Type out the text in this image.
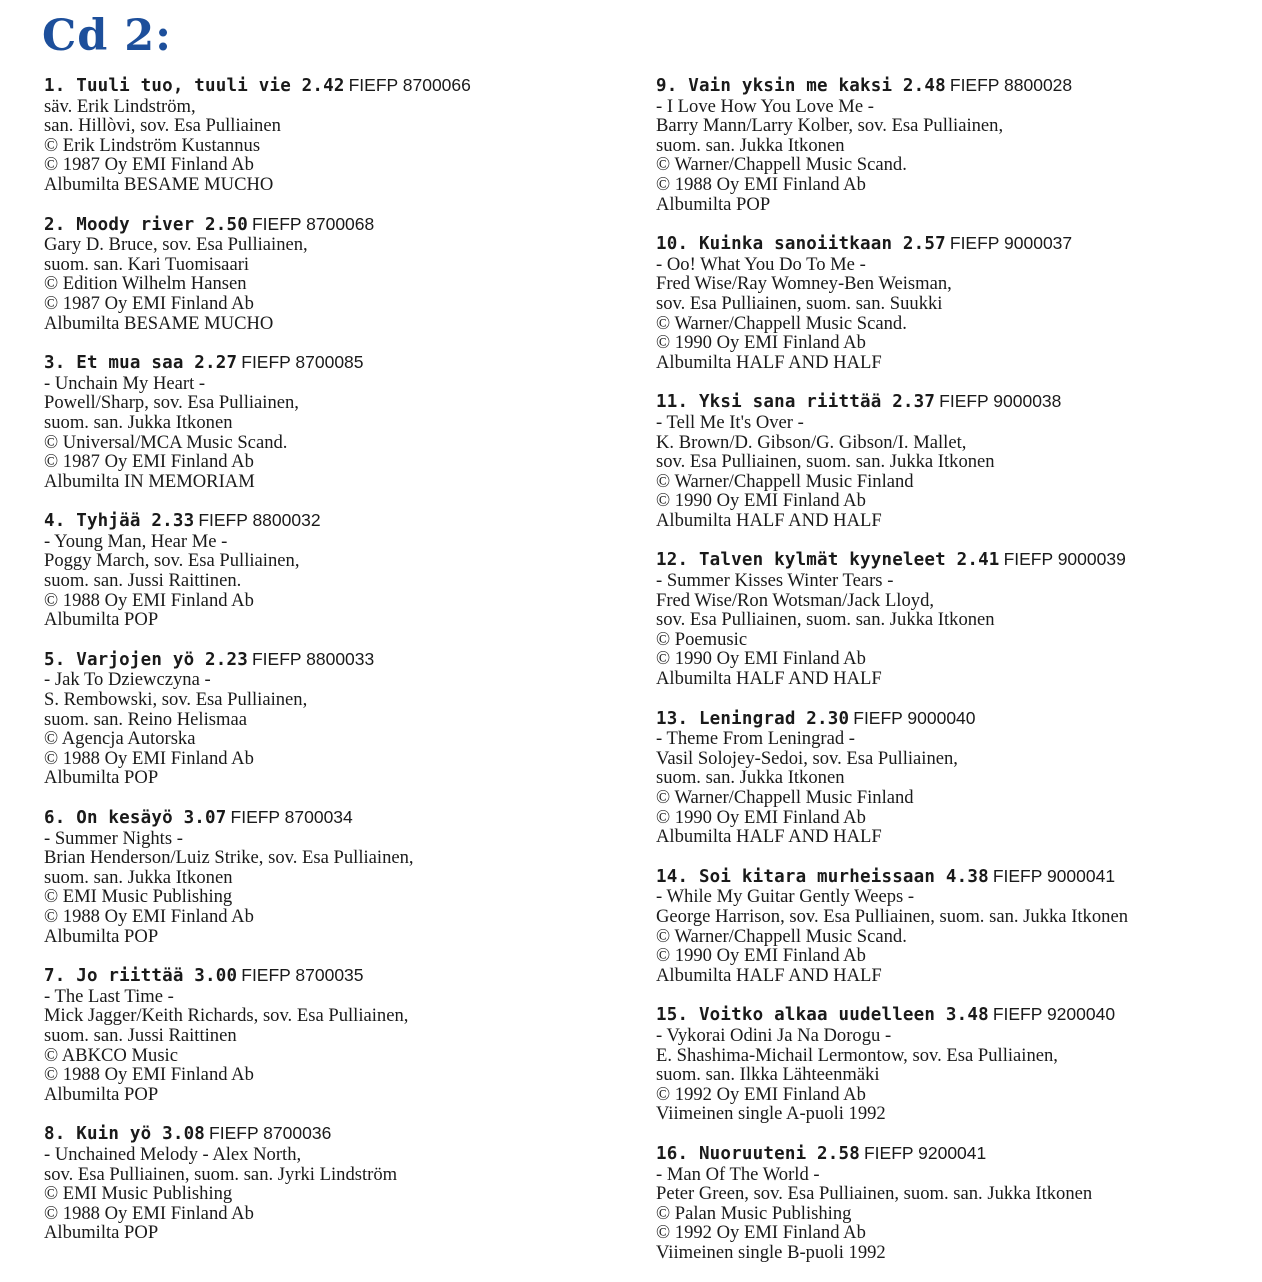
Cd 2:
1. Tuuli tuo, tuuli vie 2.42 FIEFP 8700066
säv. Erik Lindström,
san. Hillòvi, sov. Esa Pulliainen
© Erik Lindström Kustannus
© 1987 Oy EMI Finland Ab
Albumilta BESAME MUCHO
2. Moody river 2.50 FIEFP 8700068
Gary D. Bruce, sov. Esa Pulliainen,
suom. san. Kari Tuomisaari
© Edition Wilhelm Hansen
© 1987 Oy EMI Finland Ab
Albumilta BESAME MUCHO
3. Et mua saa 2.27 FIEFP 8700085
- Unchain My Heart -
Powell/Sharp, sov. Esa Pulliainen,
suom. san. Jukka Itkonen
© Universal/MCA Music Scand.
© 1987 Oy EMI Finland Ab
Albumilta IN MEMORIAM
4. Tyhjää 2.33 FIEFP 8800032
- Young Man, Hear Me -
Poggy March, sov. Esa Pulliainen,
suom. san. Jussi Raittinen.
© 1988 Oy EMI Finland Ab
Albumilta POP
5. Varjojen yö 2.23 FIEFP 8800033
- Jak To Dziewczyna -
S. Rembowski, sov. Esa Pulliainen,
suom. san. Reino Helismaa
© Agencja Autorska
© 1988 Oy EMI Finland Ab
Albumilta POP
6. On kesäyö 3.07 FIEFP 8700034
- Summer Nights -
Brian Henderson/Luiz Strike, sov. Esa Pulliainen,
suom. san. Jukka Itkonen
© EMI Music Publishing
© 1988 Oy EMI Finland Ab
Albumilta POP
7. Jo riittää 3.00 FIEFP 8700035
- The Last Time -
Mick Jagger/Keith Richards, sov. Esa Pulliainen,
suom. san. Jussi Raittinen
© ABKCO Music
© 1988 Oy EMI Finland Ab
Albumilta POP
8. Kuin yö 3.08 FIEFP 8700036
- Unchained Melody - Alex North,
sov. Esa Pulliainen, suom. san. Jyrki Lindström
© EMI Music Publishing
© 1988 Oy EMI Finland Ab
Albumilta POP
9. Vain yksin me kaksi 2.48 FIEFP 8800028
- I Love How You Love Me -
Barry Mann/Larry Kolber, sov. Esa Pulliainen,
suom. san. Jukka Itkonen
© Warner/Chappell Music Scand.
© 1988 Oy EMI Finland Ab
Albumilta POP
10. Kuinka sanoiitkaan 2.57 FIEFP 9000037
- Oo! What You Do To Me -
Fred Wise/Ray Womney-Ben Weisman,
sov. Esa Pulliainen, suom. san. Suukki
© Warner/Chappell Music Scand.
© 1990 Oy EMI Finland Ab
Albumilta HALF AND HALF
11. Yksi sana riittää 2.37 FIEFP 9000038
- Tell Me It's Over -
K. Brown/D. Gibson/G. Gibson/I. Mallet,
sov. Esa Pulliainen, suom. san. Jukka Itkonen
© Warner/Chappell Music Finland
© 1990 Oy EMI Finland Ab
Albumilta HALF AND HALF
12. Talven kylmät kyyneleet 2.41 FIEFP 9000039
- Summer Kisses Winter Tears -
Fred Wise/Ron Wotsman/Jack Lloyd,
sov. Esa Pulliainen, suom. san. Jukka Itkonen
© Poemusic
© 1990 Oy EMI Finland Ab
Albumilta HALF AND HALF
13. Leningrad 2.30 FIEFP 9000040
- Theme From Leningrad -
Vasil Solojey-Sedoi, sov. Esa Pulliainen,
suom. san. Jukka Itkonen
© Warner/Chappell Music Finland
© 1990 Oy EMI Finland Ab
Albumilta HALF AND HALF
14. Soi kitara murheissaan 4.38 FIEFP 9000041
- While My Guitar Gently Weeps -
George Harrison, sov. Esa Pulliainen, suom. san. Jukka Itkonen
© Warner/Chappell Music Scand.
© 1990 Oy EMI Finland Ab
Albumilta HALF AND HALF
15. Voitko alkaa uudelleen 3.48 FIEFP 9200040
- Vykorai Odini Ja Na Dorogu -
E. Shashima-Michail Lermontow, sov. Esa Pulliainen,
suom. san. Ilkka Lähteenmäki
© 1992 Oy EMI Finland Ab
Viimeinen single A-puoli 1992
16. Nuoruuteni 2.58 FIEFP 9200041
- Man Of The World -
Peter Green, sov. Esa Pulliainen, suom. san. Jukka Itkonen
© Palan Music Publishing
© 1992 Oy EMI Finland Ab
Viimeinen single B-puoli 1992
